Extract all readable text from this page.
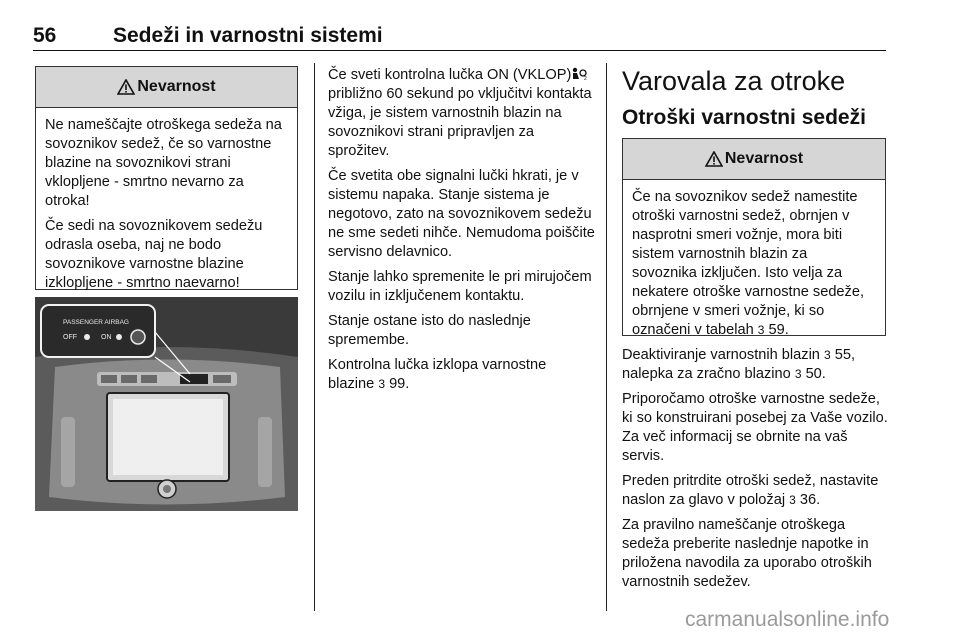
56	Sedeži in varnostni sistemi
Nevarnost

Ne nameščajte otroškega sedeža na sovoznikov sedež, če so varnostne blazine na sovoznikovi strani vklopljene - smrtno nevarno za otroka!

Če sedi na sovoznikovem sedežu odrasla oseba, naj ne bodo sovoznikove varnostne blazine izklopljene - smrtno naevarno!

PASSENGER AIRBAG
OFF	ON

Če sveti kontrolna lučka ON (VKLOP)	2
približno 60 sekund po vključitvi kontakta vžiga, je sistem varnostnih blazin na sovoznikovi strani pripravljen za sprožitev.

Če svetita obe signalni lučki hkrati, je v sistemu napaka. Stanje sistema je negotovo, zato na sovoznikovem sedežu ne sme sedeti nihče. Nemudoma poiščite servisno delavnico.

Stanje lahko spremenite le pri mirujočem vozilu in izključenem kontaktu.

Stanje ostane isto do naslednje spremembe.

Kontrolna lučka izklopa varnostne blazine 3 99.

Varovala za otroke
Otroški varnostni sedeži
Nevarnost

Če na sovoznikov sedež namestite otroški varnostni sedež, obrnjen v nasprotni smeri vožnje, mora biti sistem varnostnih blazin za sovoznika izključen. Isto velja za nekatere otroške varnostne sedeže, obrnjene v smeri vožnje, ki so označeni v tabelah 3 59.

Deaktiviranje varnostnih blazin 3 55, nalepka za zračno blazino 3 50.

Priporočamo otroške varnostne sedeže, ki so konstruirani posebej za Vaše vozilo. Za več informacij se obrnite na vaš servis.

Preden pritrdite otroški sedež, nastavite naslon za glavo v položaj 3 36.

Za pravilno nameščanje otroškega sedeža preberite naslednje napotke in priložena navodila za uporabo otroških varnostnih sedežev.

carmanualsonline.info
